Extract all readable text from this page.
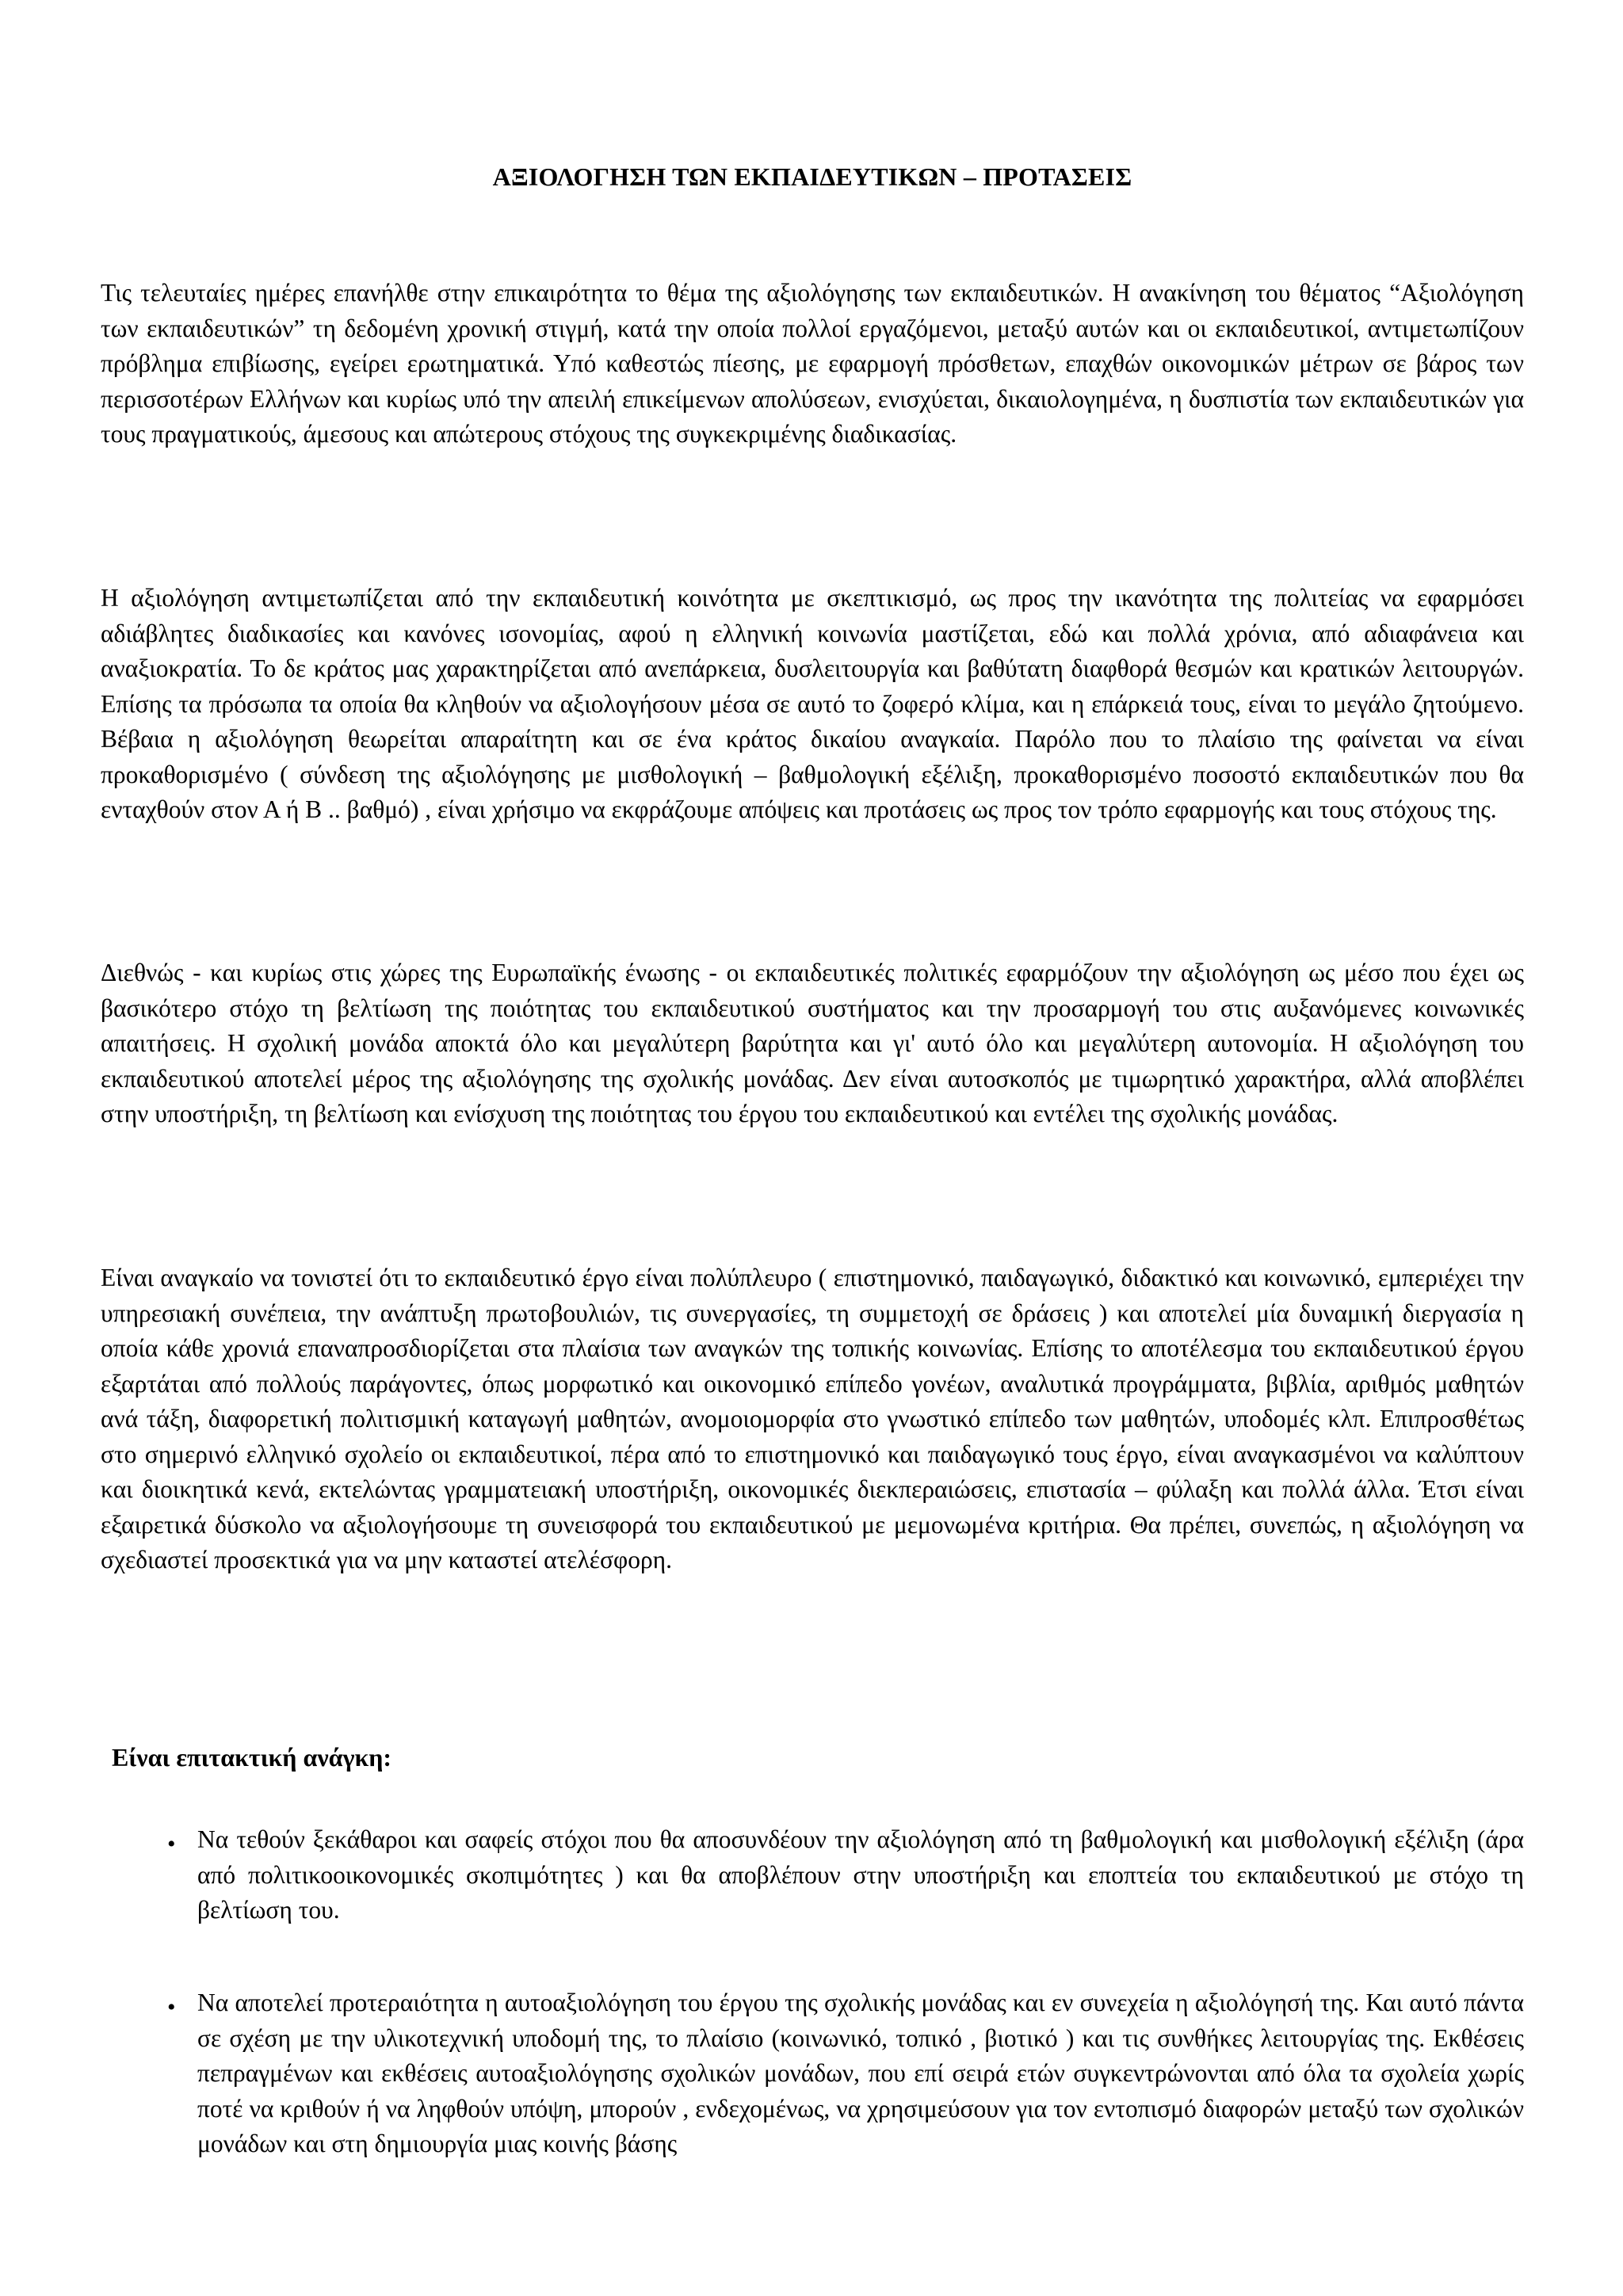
ΑΞΙΟΛΟΓΗΣΗ ΤΩΝ ΕΚΠΑΙΔΕΥΤΙΚΩΝ – ΠΡΟΤΑΣΕΙΣ

Τις τελευταίες ημέρες επανήλθε στην επικαιρότητα το θέμα της αξιολόγησης των εκπαιδευτικών. Η ανακίνηση του θέματος “Αξιολόγηση των εκπαιδευτικών” τη δεδομένη χρονική στιγμή, κατά την οποία πολλοί εργαζόμενοι, μεταξύ αυτών και οι εκπαιδευτικοί, αντιμετωπίζουν πρόβλημα επιβίωσης, εγείρει ερωτηματικά. Υπό καθεστώς πίεσης, με εφαρμογή πρόσθετων, επαχθών οικονομικών μέτρων σε βάρος των περισσοτέρων Ελλήνων και κυρίως υπό την απειλή επικείμενων απολύσεων, ενισχύεται, δικαιολογημένα, η δυσπιστία των εκπαιδευτικών για τους πραγματικούς, άμεσους και απώτερους στόχους της συγκεκριμένης διαδικασίας.

Η αξιολόγηση αντιμετωπίζεται από την εκπαιδευτική κοινότητα με σκεπτικισμό, ως προς την ικανότητα της πολιτείας να εφαρμόσει αδιάβλητες διαδικασίες και κανόνες ισονομίας, αφού η ελληνική κοινωνία μαστίζεται, εδώ και πολλά χρόνια, από αδιαφάνεια και αναξιοκρατία. Το δε κράτος μας χαρακτηρίζεται από ανεπάρκεια, δυσλειτουργία και βαθύτατη διαφθορά θεσμών και κρατικών λειτουργών. Επίσης τα πρόσωπα τα οποία θα κληθούν να αξιολογήσουν μέσα σε αυτό το ζοφερό κλίμα, και η επάρκειά τους, είναι το μεγάλο ζητούμενο. Βέβαια η αξιολόγηση θεωρείται απαραίτητη και σε ένα κράτος δικαίου αναγκαία. Παρόλο που το πλαίσιο της φαίνεται να είναι προκαθορισμένο ( σύνδεση της αξιολόγησης με μισθολογική – βαθμολογική εξέλιξη, προκαθορισμένο ποσοστό εκπαιδευτικών που θα ενταχθούν στον Α ή Β .. βαθμό) , είναι χρήσιμο να εκφράζουμε απόψεις και προτάσεις ως προς τον τρόπο εφαρμογής και τους στόχους της.

Διεθνώς - και κυρίως στις χώρες της Ευρωπαϊκής ένωσης - οι εκπαιδευτικές πολιτικές εφαρμόζουν την αξιολόγηση ως μέσο που έχει ως βασικότερο στόχο τη βελτίωση της ποιότητας του εκπαιδευτικού συστήματος και την προσαρμογή του στις αυξανόμενες κοινωνικές απαιτήσεις. Η σχολική μονάδα αποκτά όλο και μεγαλύτερη βαρύτητα και γι' αυτό όλο και μεγαλύτερη αυτονομία. Η αξιολόγηση του εκπαιδευτικού αποτελεί μέρος της αξιολόγησης της σχολικής μονάδας. Δεν είναι αυτοσκοπός με τιμωρητικό χαρακτήρα, αλλά αποβλέπει στην υποστήριξη, τη βελτίωση και ενίσχυση της ποιότητας του έργου του εκπαιδευτικού και εντέλει της σχολικής μονάδας.

Είναι αναγκαίο να τονιστεί ότι το εκπαιδευτικό έργο είναι πολύπλευρο ( επιστημονικό, παιδαγωγικό, διδακτικό και κοινωνικό, εμπεριέχει την υπηρεσιακή συνέπεια, την ανάπτυξη πρωτοβουλιών, τις συνεργασίες, τη συμμετοχή σε δράσεις ) και αποτελεί μία δυναμική διεργασία η οποία κάθε χρονιά επαναπροσδιορίζεται στα πλαίσια των αναγκών της τοπικής κοινωνίας. Επίσης το αποτέλεσμα του εκπαιδευτικού έργου εξαρτάται από πολλούς παράγοντες, όπως μορφωτικό και οικονομικό επίπεδο γονέων, αναλυτικά προγράμματα, βιβλία, αριθμός μαθητών ανά τάξη, διαφορετική πολιτισμική καταγωγή μαθητών, ανομοιομορφία στο γνωστικό επίπεδο των μαθητών, υποδομές κλπ. Επιπροσθέτως στο σημερινό ελληνικό σχολείο οι εκπαιδευτικοί, πέρα από το επιστημονικό και παιδαγωγικό τους έργο, είναι αναγκασμένοι να καλύπτουν και διοικητικά κενά, εκτελώντας γραμματειακή υποστήριξη, οικονομικές διεκπεραιώσεις, επιστασία – φύλαξη και πολλά άλλα. Έτσι είναι εξαιρετικά δύσκολο να αξιολογήσουμε τη συνεισφορά του εκπαιδευτικού με μεμονωμένα κριτήρια. Θα πρέπει, συνεπώς, η αξιολόγηση να σχεδιαστεί προσεκτικά για να μην καταστεί ατελέσφορη.

Είναι επιτακτική ανάγκη:

• Να τεθούν ξεκάθαροι και σαφείς στόχοι που θα αποσυνδέουν την αξιολόγηση από τη βαθμολογική και μισθολογική εξέλιξη (άρα από πολιτικοοικονομικές σκοπιμότητες ) και θα αποβλέπουν στην υποστήριξη και εποπτεία του εκπαιδευτικού με στόχο τη βελτίωση του.

• Να αποτελεί προτεραιότητα η αυτοαξιολόγηση του έργου της σχολικής μονάδας και εν συνεχεία η αξιολόγησή της. Και αυτό πάντα σε σχέση με την υλικοτεχνική υποδομή της, το πλαίσιο (κοινωνικό, τοπικό , βιοτικό ) και τις συνθήκες λειτουργίας της. Εκθέσεις πεπραγμένων και εκθέσεις αυτοαξιολόγησης σχολικών μονάδων, που επί σειρά ετών συγκεντρώνονται από όλα τα σχολεία χωρίς ποτέ να κριθούν ή να ληφθούν υπόψη, μπορούν , ενδεχομένως, να χρησιμεύσουν για τον εντοπισμό διαφορών μεταξύ των σχολικών μονάδων και στη δημιουργία μιας κοινής βάσης
